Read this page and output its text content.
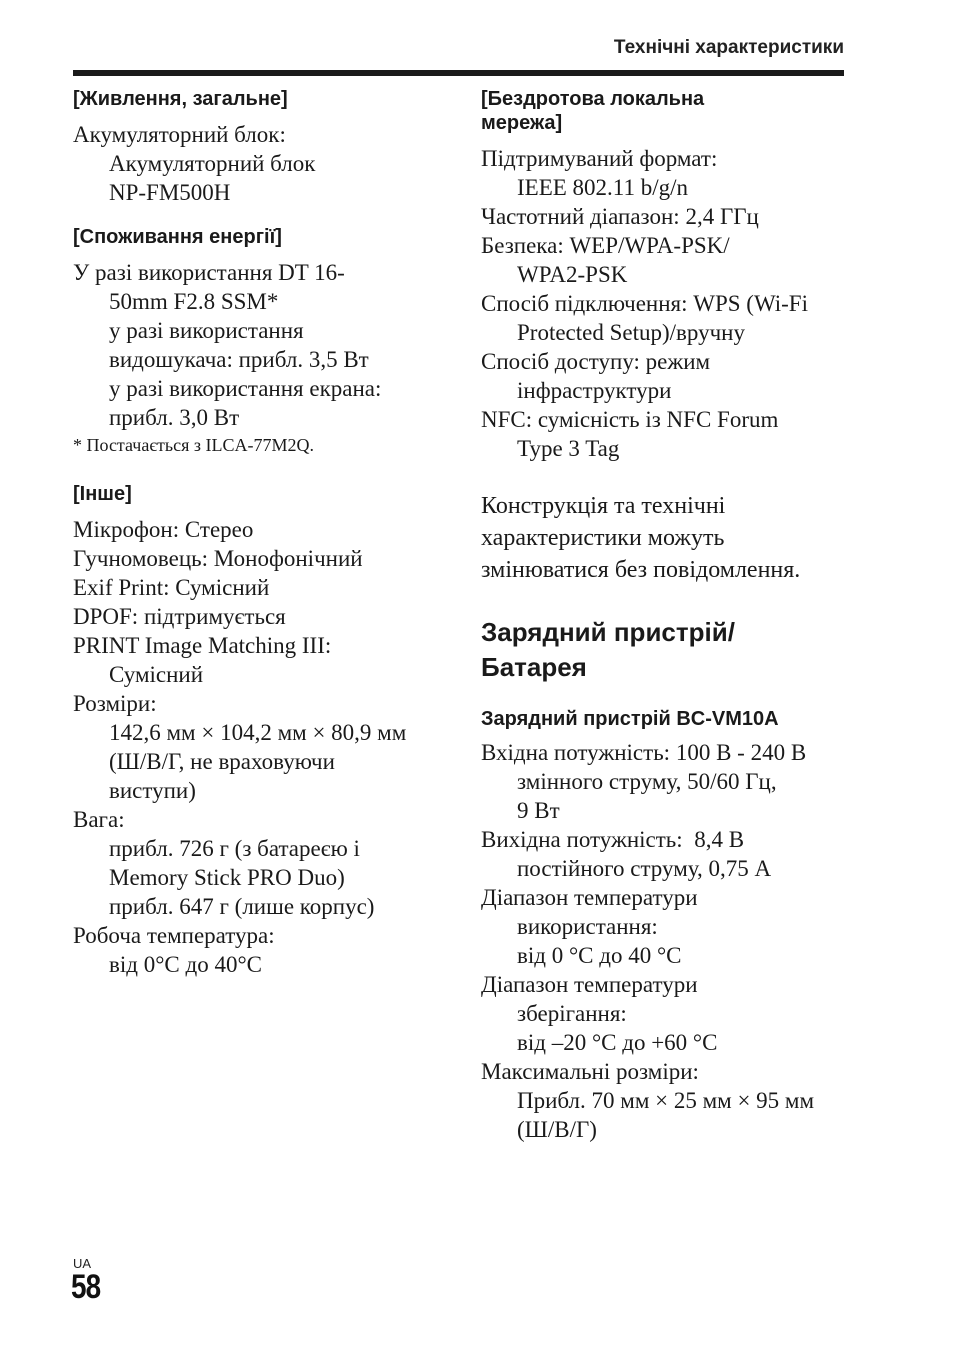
Технічні характеристики

[Живлення, загальне]

Акумуляторний блок:

Акумуляторний блок

NP-FM500H

[Споживання енергії]

У разі використання DT 16-

50mm F2.8 SSM*

у разі використання

видошукача: прибл. 3,5 Вт

у разі використання екрана:

прибл. 3,0 Вт

* Постачається з ILCA-77M2Q.

[Інше]

Мікрофон: Стерео

Гучномовець: Монофонічний

Exif Print: Сумісний

DPOF: підтримується

PRINT Image Matching III:

Сумісний

Розміри:

142,6 мм × 104,2 мм × 80,9 мм

(Ш/В/Г, не враховуючи

виступи)

Вага:

прибл. 726 г (з батареєю і

Memory Stick PRO Duo)

прибл. 647 г (лише корпус)

Робоча температура:

від 0°C до 40°C

[Бездротова локальна

мережа]

Підтримуваний формат:

IEEE 802.11 b/g/n

Частотний діапазон: 2,4 ГГц

Безпека: WEP/WPA-PSK/

WPA2-PSK

Спосіб підключення: WPS (Wi-Fi

Protected Setup)/вручну

Спосіб доступу: режим

інфраструктури

NFC: сумісність із NFC Forum

Type 3 Tag

Конструкція та технічні

характеристики можуть

змінюватися без повідомлення.

Зарядний пристрій/

Батарея

Зарядний пристрій BC-VM10A

Вхідна потужність: 100 В - 240 В

змінного струму, 50/60 Гц,

9 Вт

Вихідна потужність:  8,4 В

постійного струму, 0,75 А

Діапазон температури

використання:

від 0 °C до 40 °C

Діапазон температури

зберігання:

від –20 °C до +60 °C

Максимальні розміри:

Прибл. 70 мм × 25 мм × 95 мм

(Ш/В/Г)

UA
58
